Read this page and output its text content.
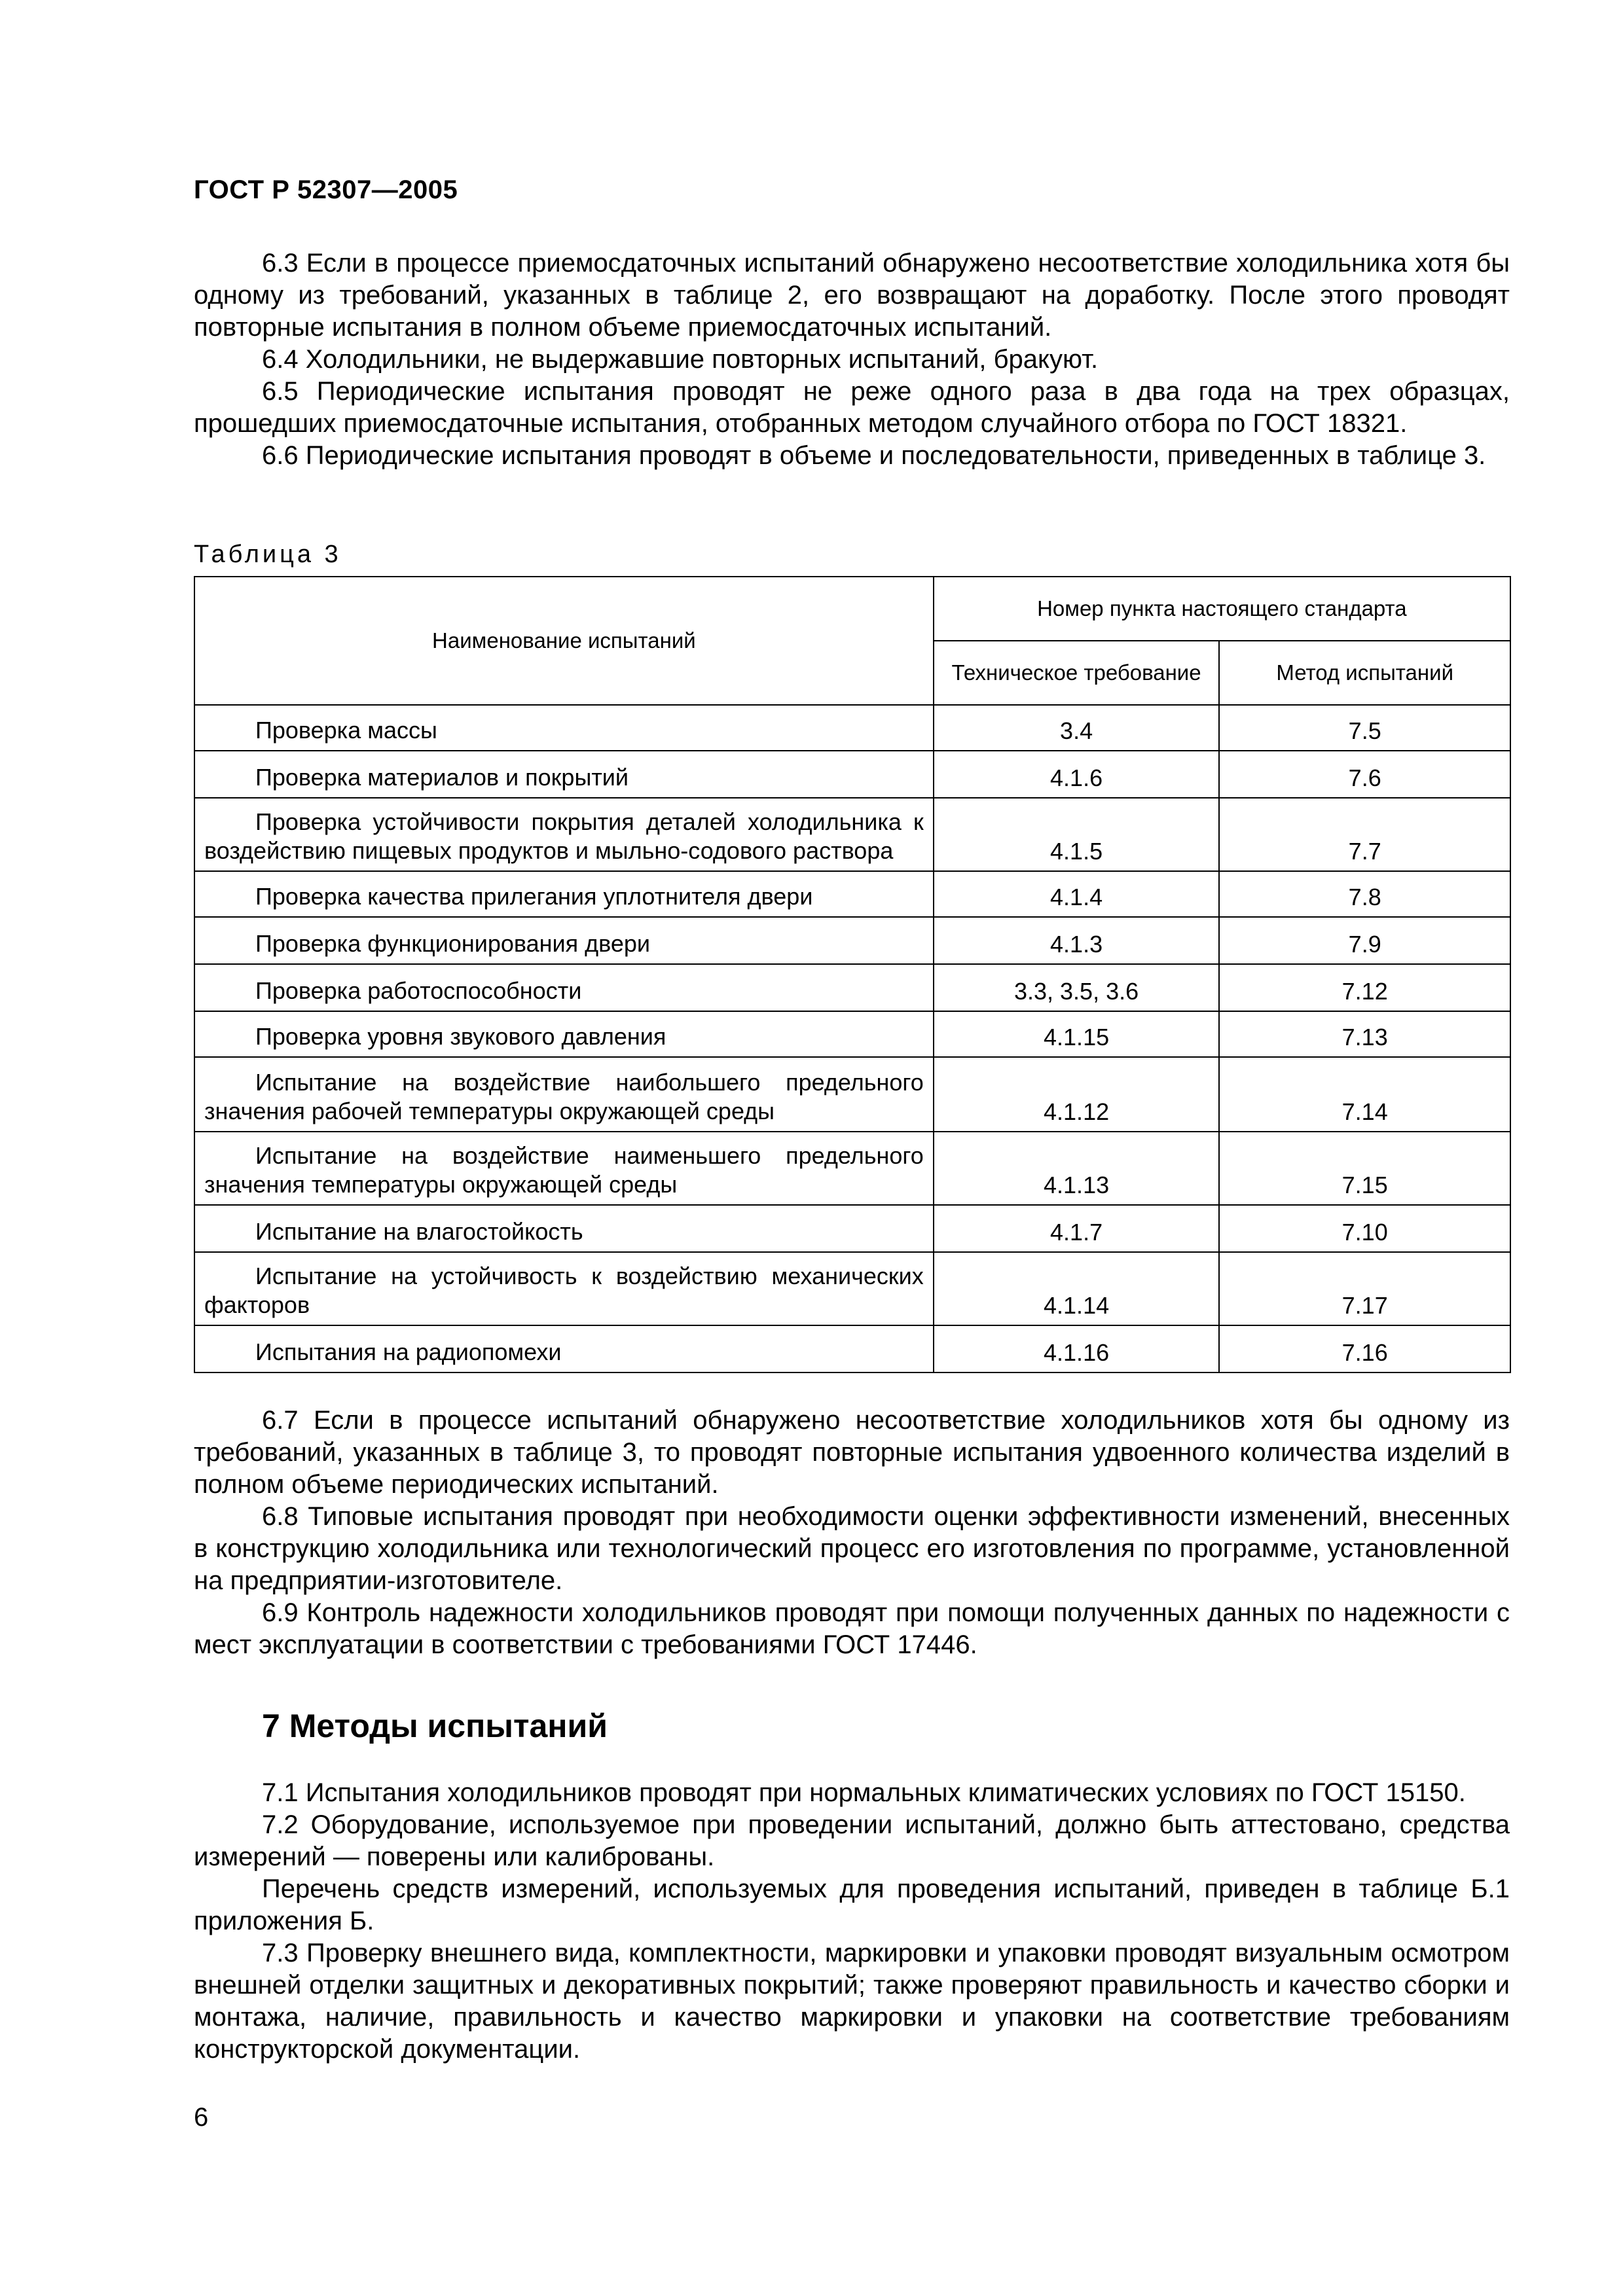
ГОСТ Р 52307—2005

6.3 Если в процессе приемосдаточных испытаний обнаружено несоответствие холодильника хотя бы одному из требований, указанных в таблице 2, его возвращают на доработку. После этого проводят повторные испытания в полном объеме приемосдаточных испытаний.

6.4 Холодильники, не выдержавшие повторных испытаний, бракуют.

6.5 Периодические испытания проводят не реже одного раза в два года на трех образцах, прошедших приемосдаточные испытания, отобранных методом случайного отбора по ГОСТ 18321.

6.6 Периодические испытания проводят в объеме и последовательности, приведенных в таблице 3.

Таблица 3
Наименование испытаний	Номер пункта настоящего стандарта	
	Техническое требование	Метод испытаний
Проверка массы	3.4	7.5
Проверка материалов и покрытий	4.1.6	7.6
Проверка устойчивости покрытия деталей холодильника к воздействию пищевых продуктов и мыльно-содового раствора	4.1.5	7.7
Проверка качества прилегания уплотнителя двери	4.1.4	7.8
Проверка функционирования двери	4.1.3	7.9
Проверка работоспособности	3.3, 3.5, 3.6	7.12
Проверка уровня звукового давления	4.1.15	7.13
Испытание на воздействие наибольшего предельного значения рабочей температуры окружающей среды	4.1.12	7.14
Испытание на воздействие наименьшего предельного значения температуры окружающей среды	4.1.13	7.15
Испытание на влагостойкость	4.1.7	7.10
Испытание на устойчивость к воздействию механических факторов	4.1.14	7.17
Испытания на радиопомехи	4.1.16	7.16

6.7 Если в процессе испытаний обнаружено несоответствие холодильников хотя бы одному из требований, указанных в таблице 3, то проводят повторные испытания удвоенного количества изделий в полном объеме периодических испытаний.

6.8 Типовые испытания проводят при необходимости оценки эффективности изменений, внесенных в конструкцию холодильника или технологический процесс его изготовления по программе, установленной на предприятии-изготовителе.

6.9 Контроль надежности холодильников проводят при помощи полученных данных по надежности с мест эксплуатации в соответствии с требованиями ГОСТ 17446.

7 Методы испытаний

7.1 Испытания холодильников проводят при нормальных климатических условиях по ГОСТ 15150.

7.2 Оборудование, используемое при проведении испытаний, должно быть аттестовано, средства измерений — поверены или калиброваны.

Перечень средств измерений, используемых для проведения испытаний, приведен в таблице Б.1 приложения Б.

7.3 Проверку внешнего вида, комплектности, маркировки и упаковки проводят визуальным осмотром внешней отделки защитных и декоративных покрытий; также проверяют правильность и качество сборки и монтажа, наличие, правильность и качество маркировки и упаковки на соответствие требованиям конструкторской документации.

6
